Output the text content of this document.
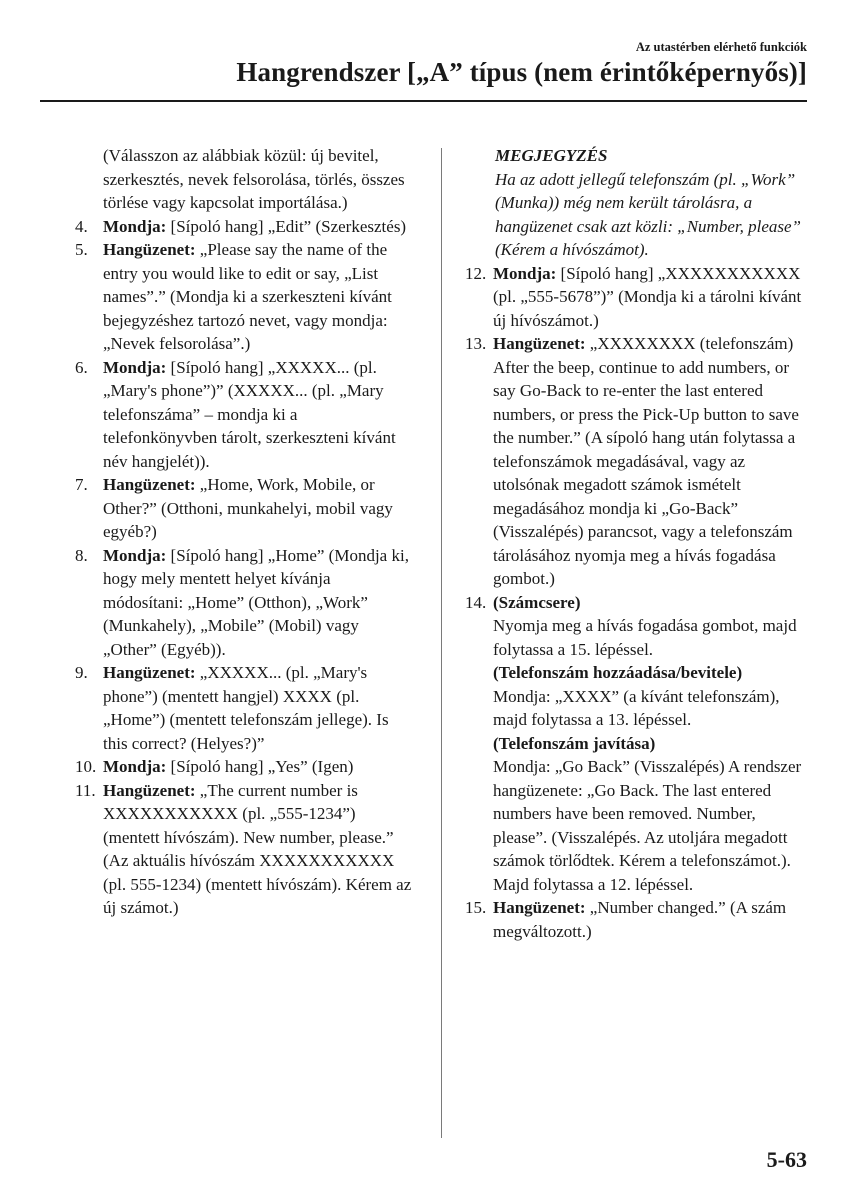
Az utastérben elérhető funkciók
Hangrendszer [„A” típus (nem érintőképernyős)]
(Válasszon az alábbiak közül: új bevitel, szerkesztés, nevek felsorolása, törlés, összes törlése vagy kapcsolat importálása.)
4. Mondja: [Sípoló hang] „Edit” (Szerkesztés)
5. Hangüzenet: „Please say the name of the entry you would like to edit or say, „List names”.” (Mondja ki a szerkeszteni kívánt bejegyzéshez tartozó nevet, vagy mondja: „Nevek felsorolása”.)
6. Mondja: [Sípoló hang] „XXXXX... (pl. „Mary's phone”)” (XXXXX... (pl. „Mary telefonszáma” – mondja ki a telefonkönyvben tárolt, szerkeszteni kívánt név hangjelét)).
7. Hangüzenet: „Home, Work, Mobile, or Other?” (Otthoni, munkahelyi, mobil vagy egyéb?)
8. Mondja: [Sípoló hang] „Home” (Mondja ki, hogy mely mentett helyet kívánja módosítani: „Home” (Otthon), „Work” (Munkahely), „Mobile” (Mobil) vagy „Other” (Egyéb)).
9. Hangüzenet: „XXXXX... (pl. „Mary's phone”) (mentett hangjel) XXXX (pl. „Home”) (mentett telefonszám jellege). Is this correct? (Helyes?)”
10. Mondja: [Sípoló hang] „Yes” (Igen)
11. Hangüzenet: „The current number is XXXXXXXXXXX (pl. „555-1234”) (mentett hívószám). New number, please.” (Az aktuális hívószám XXXXXXXXXXX (pl. 555-1234) (mentett hívószám). Kérem az új számot.)
MEGJEGYZÉS
Ha az adott jellegű telefonszám (pl. „Work” (Munka)) még nem került tárolásra, a hangüzenet csak azt közli: „Number, please” (Kérem a hívószámot).
12. Mondja: [Sípoló hang] „XXXXXXXXXXX (pl. „555-5678”)” (Mondja ki a tárolni kívánt új hívószámot.)
13. Hangüzenet: „XXXXXXXX (telefonszám) After the beep, continue to add numbers, or say Go-Back to re-enter the last entered numbers, or press the Pick-Up button to save the number.” (A sípoló hang után folytassa a telefonszámok megadásával, vagy az utolsónak megadott számok ismételt megadásához mondja ki „Go-Back” (Visszalépés) parancsot, vagy a telefonszám tárolásához nyomja meg a hívás fogadása gombot.)
14. (Számcsere)
Nyomja meg a hívás fogadása gombot, majd folytassa a 15. lépéssel.
(Telefonszám hozzáadása/bevitele)
Mondja: „XXXX” (a kívánt telefonszám), majd folytassa a 13. lépéssel.
(Telefonszám javítása)
Mondja: „Go Back” (Visszalépés) A rendszer hangüzenete: „Go Back. The last entered numbers have been removed. Number, please”. (Visszalépés. Az utoljára megadott számok törlődtek. Kérem a telefonszámot.). Majd folytassa a 12. lépéssel.
15. Hangüzenet: „Number changed.” (A szám megváltozott.)
5-63
